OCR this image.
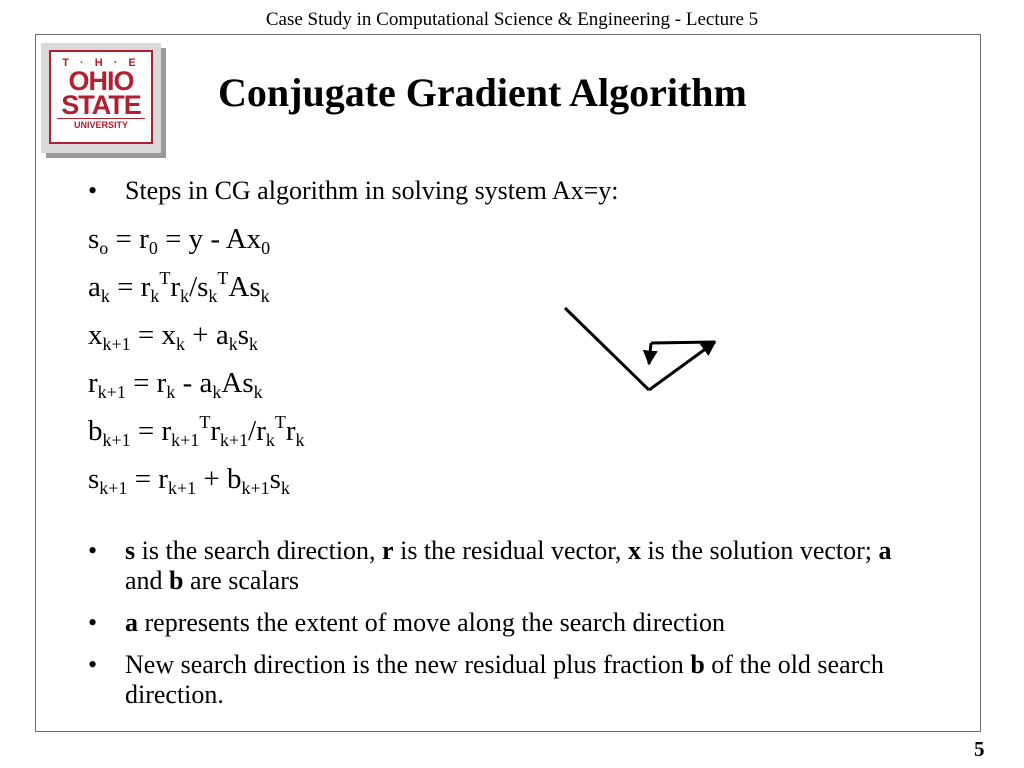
Case Study in Computational Science & Engineering - Lecture 5
T · H · E
OHIO
STATE
UNIVERSITY
Conjugate Gradient Algorithm
• Steps in CG algorithm in solving system Ax=y:
$s_o = r_0 = y - Ax_0$
$a_k = r_k^Tr_k/s_k^TAs_k$
$x_{k+1} = x_k + a_ks_k$
$r_{k+1} = r_k - a_kAs_k$
$b_{k+1} = r_{k+1}^Tr_{k+1}/r_k^Tr_k$
$s_{k+1} = r_{k+1} + b_{k+1}s_k$
• s is the search direction, r is the residual vector, x is the solution vector; a and b are scalars
• a represents the extent of move along the search direction
• New search direction is the new residual plus fraction b of the old search direction.
5
